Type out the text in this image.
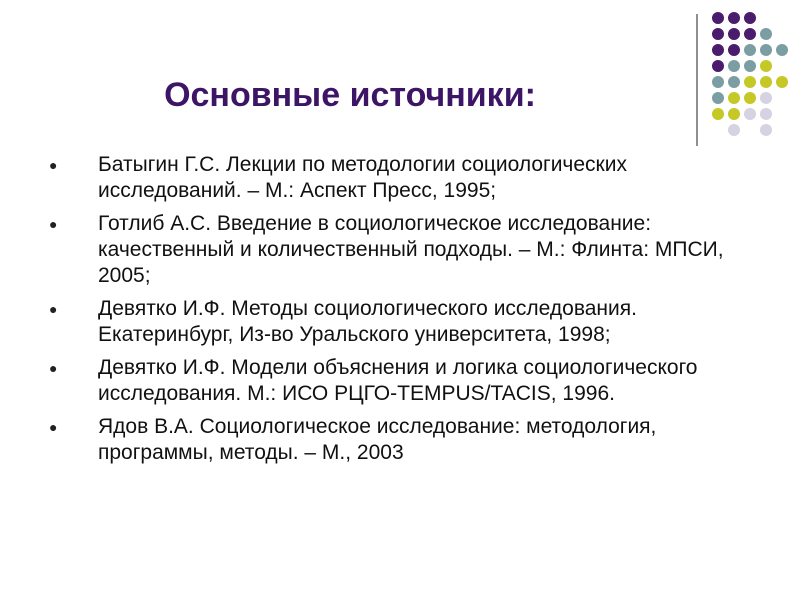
Основные источники:
● Батыгин Г.С. Лекции по методологии социологических исследований. – М.: Аспект Пресс, 1995;
● Готлиб А.С. Введение в социологическое исследование: качественный и количественный подходы. – М.: Флинта: МПСИ, 2005;
● Девятко И.Ф. Методы социологического исследования. Екатеринбург, Из-во Уральского университета, 1998;
● Девятко И.Ф. Модели объяснения и логика социологического исследования. М.: ИСО РЦГО-TEMPUS/TACIS, 1996.
● Ядов В.А. Социологическое исследование: методология, программы, методы. – М., 2003
